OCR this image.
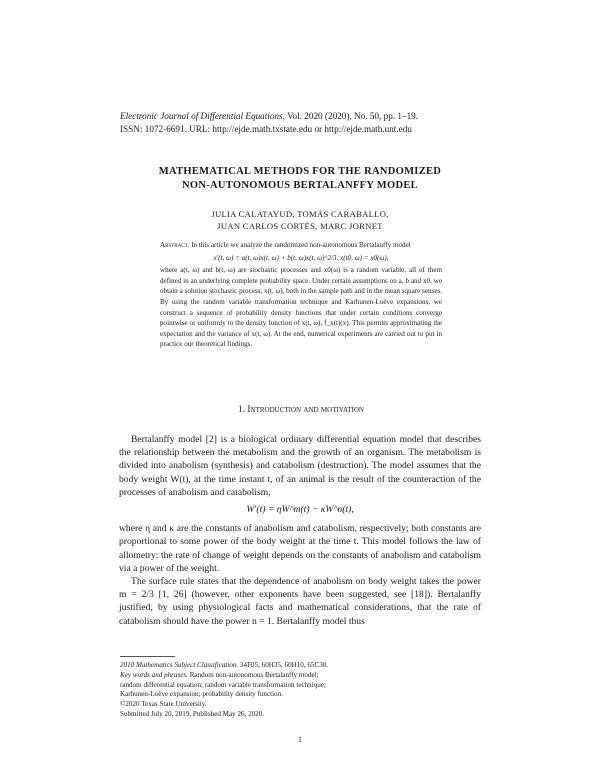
Electronic Journal of Differential Equations, Vol. 2020 (2020), No. 50, pp. 1–19.
ISSN: 1072-6691. URL: http://ejde.math.txstate.edu or http://ejde.math.unt.edu
MATHEMATICAL METHODS FOR THE RANDOMIZED
NON-AUTONOMOUS BERTALANFFY MODEL
JULIA CALATAYUD, TOMÁS CARABALLO,
JUAN CARLOS CORTÉS, MARC JORNET
Abstract. In this article we analyze the randomized non-autonomous Bertalanffy model
x′(t, ω) = a(t, ω)x(t, ω) + b(t, ω)x(t, ω)^2/3, x(t0, ω) = x0(ω),
where a(t, ω) and b(t, ω) are stochastic processes and x0(ω) is a random variable, all of them defined in an underlying complete probability space. Under certain assumptions on a, b and x0, we obtain a solution stochastic process, x(t, ω), both in the sample path and in the mean square senses. By using the random variable transformation technique and Karhunen-Loève expansions, we construct a sequence of probability density functions that under certain conditions converge pointwise or uniformly to the density function of x(t, ω), f_x(t)(x). This permits approximating the expectation and the variance of x(t, ω). At the end, numerical experiments are carried out to put in practice our theoretical findings.
1. Introduction and motivation

Bertalanffy model [2] is a biological ordinary differential equation model that describes the relationship between the metabolism and the growth of an organism. The metabolism is divided into anabolism (synthesis) and catabolism (destruction). The model assumes that the body weight W(t), at the time instant t, of an animal is the result of the counteraction of the processes of anabolism and catabolism,

W′(t) = ηW^m(t) − κW^n(t),

where η and κ are the constants of anabolism and catabolism, respectively; both constants are proportional to some power of the body weight at the time t. This model follows the law of allometry: the rate of change of weight depends on the constants of anabolism and catabolism via a power of the weight.

The surface rule states that the dependence of anabolism on body weight takes the power m = 2/3 [1, 26] (however, other exponents have been suggested, see [18]). Bertalanffy justified, by using physiological facts and mathematical considerations, that the rate of catabolism should have the power n = 1. Bertalanffy model thus

2010 Mathematics Subject Classification. 34F05, 60H35, 60H10, 65C30.
Key words and phrases. Random non-autonomous Bertalanffy model;
random differential equation; random variable transformation technique;
Karhunen-Loève expansion; probability density function.
©2020 Texas State University.
Submitted July 20, 2019. Published May 26, 2020.
1
